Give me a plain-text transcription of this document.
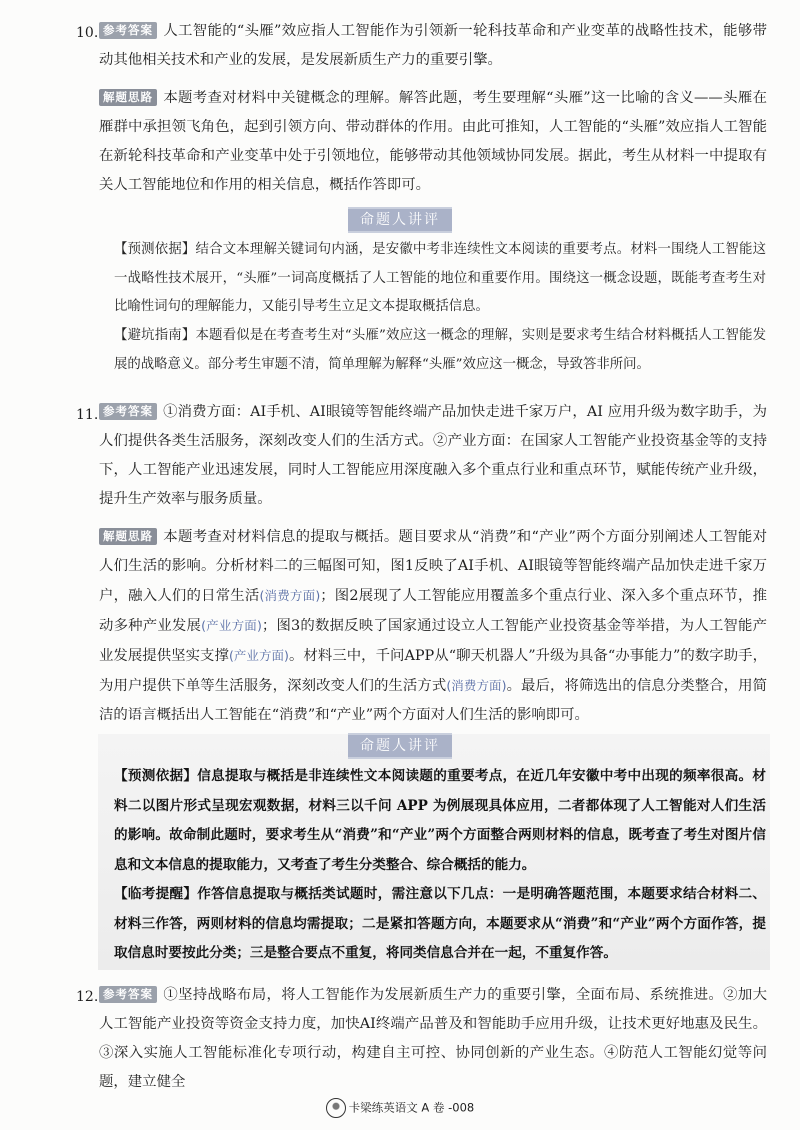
10. 参考答案 人工智能的“头雁”效应指人工智能作为引领新一轮科技革命和产业变革的战略性技术，能够带动其他相关技术和产业的发展，是发展新质生产力的重要引擎。
解题思路 本题考查对材料中关键概念的理解。解答此题，考生要理解“头雁”这一比喻的含义——头雁在雁群中承担领飞角色，起到引领方向、带动群体的作用。由此可推知，人工智能的“头雁”效应指人工智能在新轮科技革命和产业变革中处于引领地位，能够带动其他领域协同发展。据此，考生从材料一中提取有关人工智能地位和作用的相关信息，概括作答即可。
命题人讲评
【预测依据】结合文本理解关键词句内涵，是安徽中考非连续性文本阅读的重要考点。材料一围绕人工智能这一战略性技术展开，“头雁”一词高度概括了人工智能的地位和重要作用。围绕这一概念设题，既能考查考生对比喻性词句的理解能力，又能引导考生立足文本提取概括信息。
【避坑指南】本题看似是在考查考生对“头雁”效应这一概念的理解，实则是要求考生结合材料概括人工智能发展的战略意义。部分考生审题不清，简单理解为解释“头雁”效应这一概念，导致答非所问。
11. 参考答案 ①消费方面：AI手机、AI眼镜等智能终端产品加快走进千家万户，AI 应用升级为数字助手，为人们提供各类生活服务，深刻改变人们的生活方式。②产业方面：在国家人工智能产业投资基金等的支持下，人工智能产业迅速发展，同时人工智能应用深度融入多个重点行业和重点环节，赋能传统产业升级，提升生产效率与服务质量。
解题思路 本题考查对材料信息的提取与概括。题目要求从“消费”和“产业”两个方面分别阐述人工智能对人们生活的影响。分析材料二的三幅图可知，图1反映了AI手机、AI眼镜等智能终端产品加快走进千家万户，融入人们的日常生活(消费方面)；图2展现了人工智能应用覆盖多个重点行业、深入多个重点环节，推动多种产业发展(产业方面)；图3的数据反映了国家通过设立人工智能产业投资基金等举措，为人工智能产业发展提供坚实支撑(产业方面)。材料三中，千问APP从“聊天机器人”升级为具备“办事能力”的数字助手，为用户提供下单等生活服务，深刻改变人们的生活方式(消费方面)。最后，将筛选出的信息分类整合，用简洁的语言概括出人工智能在“消费”和“产业”两个方面对人们生活的影响即可。
命题人讲评
【预测依据】信息提取与概括是非连续性文本阅读题的重要考点，在近几年安徽中考中出现的频率很高。材料二以图片形式呈现宏观数据，材料三以千问 APP 为例展现具体应用，二者都体现了人工智能对人们生活的影响。故命制此题时，要求考生从“消费”和“产业”两个方面整合两则材料的信息，既考查了考生对图片信息和文本信息的提取能力，又考查了考生分类整合、综合概括的能力。
【临考提醒】作答信息提取与概括类试题时，需注意以下几点：一是明确答题范围，本题要求结合材料二、材料三作答，两则材料的信息均需提取；二是紧扣答题方向，本题要求从“消费”和“产业”两个方面作答，提取信息时要按此分类；三是整合要点不重复，将同类信息合并在一起，不重复作答。
12. 参考答案 ①坚持战略布局，将人工智能作为发展新质生产力的重要引擎，全面布局、系统推进。②加大人工智能产业投资等资金支持力度，加快AI终端产品普及和智能助手应用升级，让技术更好地惠及民生。③深入实施人工智能标准化专项行动，构建自主可控、协同创新的产业生态。④防范人工智能幻觉等问题，建立健全
卡梁练英语文 A 卷 -008
